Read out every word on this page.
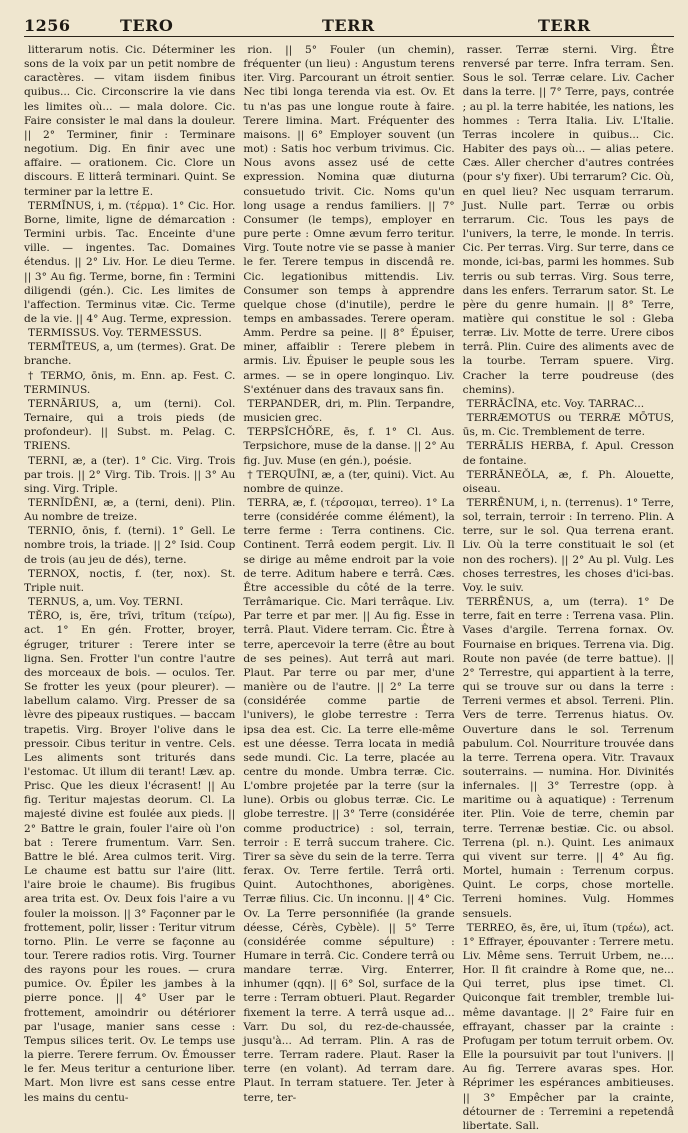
1256	TERO	TERR	TERR

litterarum notis. Cic. Déterminer les sons de la voix par un petit nombre de caractères. — vitam iisdem finibus quibus... Cic. Circonscrire la vie dans les limites où... — mala dolore. Cic. Faire consister le mal dans la douleur. || 2° Terminer, finir : Terminare negotium. Dig. En finir avec une affaire. — orationem. Cic. Clore un discours. E litterâ terminari. Quint. Se terminer par la lettre E.

TERMĬNUS, i, m. (τέρμα). 1° Cic. Hor. Borne, limite, ligne de démarcation : Termini urbis. Tac. Enceinte d'une ville. — ingentes. Tac. Domaines étendus. || 2° Liv. Hor. Le dieu Terme. || 3° Au fig. Terme, borne, fin : Termini diligendi (gén.). Cic. Les limites de l'affection. Terminus vitæ. Cic. Terme de la vie. || 4° Aug. Terme, expression.

TERMISSUS. Voy. TERMESSUS.

TERMĪTEUS, a, um (termes). Grat. De branche.

† TERMO, ōnis, m. Enn. ap. Fest. C. TERMINUS.

TERNĀRIUS, a, um (terni). Col. Ternaire, qui a trois pieds (de profondeur). || Subst. m. Pelag. C. TRIENS.

TERNI, æ, a (ter). 1° Cic. Virg. Trois par trois. || 2° Virg. Tib. Trois. || 3° Au sing. Virg. Triple.

TERNĬDĒNI, æ, a (terni, deni). Plin. Au nombre de treize.

TERNIO, ōnis, f. (terni). 1° Gell. Le nombre trois, la triade. || 2° Isid. Coup de trois (au jeu de dés), terne.

TERNOX, noctis, f. (ter, nox). St. Triple nuit.

TERNUS, a, um. Voy. TERNI.

TĔRO, is, ĕre, trīvi, trītum (τείρω), act. 1° En gén. Frotter, broyer, égruger, triturer : Terere inter se ligna. Sen. Frotter l'un contre l'autre des morceaux de bois. — oculos. Ter. Se frotter les yeux (pour pleurer). — labellum calamo. Virg. Presser de sa lèvre des pipeaux rustiques. — baccam trapetis. Virg. Broyer l'olive dans le pressoir. Cibus teritur in ventre. Cels. Les aliments sont triturés dans l'estomac. Ut illum dii terant! Læv. ap. Prisc. Que les dieux l'écrasent! || Au fig. Teritur majestas deorum. Cl. La majesté divine est foulée aux pieds. || 2° Battre le grain, fouler l'aire où l'on bat : Terere frumentum. Varr. Sen. Battre le blé. Area culmos terit. Virg. Le chaume est battu sur l'aire (litt. l'aire broie le chaume). Bis frugibus area trita est. Ov. Deux fois l'aire a vu fouler la moisson. || 3° Façonner par le frottement, polir, lisser : Teritur vitrum torno. Plin. Le verre se façonne au tour. Terere radios rotis. Virg. Tourner des rayons pour les roues. — crura pumice. Ov. Épiler les jambes à la pierre ponce. || 4° User par le frottement, amoindrir ou détériorer par l'usage, manier sans cesse : Tempus silices terit. Ov. Le temps use la pierre. Terere ferrum. Ov. Émousser le fer. Meus teritur a centurione liber. Mart. Mon livre est sans cesse entre les mains du centu-

rion. || 5° Fouler (un chemin), fréquenter (un lieu) : Angustum terens iter. Virg. Parcourant un étroit sentier. Nec tibi longa terenda via est. Ov. Et tu n'as pas une longue route à faire. Terere limina. Mart. Fréquenter des maisons. || 6° Employer souvent (un mot) : Satis hoc verbum trivimus. Cic. Nous avons assez usé de cette expression. Nomina quæ diuturna consuetudo trivit. Cic. Noms qu'un long usage a rendus familiers. || 7° Consumer (le temps), employer en pure perte : Omne ævum ferro teritur. Virg. Toute notre vie se passe à manier le fer. Terere tempus in discendâ re. Cic. legationibus mittendis. Liv. Consumer son temps à apprendre quelque chose (d'inutile), perdre le temps en ambassades. Terere operam. Amm. Perdre sa peine. || 8° Épuiser, miner, affaiblir : Terere plebem in armis. Liv. Épuiser le peuple sous les armes. — se in opere longinquo. Liv. S'exténuer dans des travaux sans fin.

TERPANDER, dri, m. Plin. Terpandre, musicien grec.

TERPSĬCHŎRE, ēs, f. 1° Cl. Aus. Terpsichore, muse de la danse. || 2° Au fig. Juv. Muse (en gén.), poésie.

† TERQUĪNI, æ, a (ter, quini). Vict. Au nombre de quinze.

TERRA, æ, f. (τέρσομαι, terreo). 1° La terre (considérée comme élément), la terre ferme : Terra continens. Cic. Continent. Terrâ eodem pergit. Liv. Il se dirige au même endroit par la voie de terre. Aditum habere e terrâ. Cæs. Être accessible du côté de la terre. Terrâmarique. Cic. Mari terrâque. Liv. Par terre et par mer. || Au fig. Esse in terrâ. Plaut. Videre terram. Cic. Être à terre, apercevoir la terre (être au bout de ses peines). Aut terrâ aut mari. Plaut. Par terre ou par mer, d'une manière ou de l'autre. || 2° La terre (considérée comme partie de l'univers), le globe terrestre : Terra ipsa dea est. Cic. La terre elle-même est une déesse. Terra locata in mediâ sede mundi. Cic. La terre, placée au centre du monde. Umbra terræ. Cic. L'ombre projetée par la terre (sur la lune). Orbis ou globus terræ. Cic. Le globe terrestre. || 3° Terre (considérée comme productrice) : sol, terrain, terroir : E terrâ succum trahere. Cic. Tirer sa sève du sein de la terre. Terra ferax. Ov. Terre fertile. Terrâ orti. Quint. Autochthones, aborigènes. Terræ filius. Cic. Un inconnu. || 4° Cic. Ov. La Terre personnifiée (la grande déesse, Cérès, Cybèle). || 5° Terre (considérée comme sépulture) : Humare in terrâ. Cic. Condere terrâ ou mandare terræ. Virg. Enterrer, inhumer (qqn). || 6° Sol, surface de la terre : Terram obtueri. Plaut. Regarder fixement la terre. A terrâ usque ad... Varr. Du sol, du rez-de-chaussée, jusqu'à... Ad terram. Plin. A ras de terre. Terram radere. Plaut. Raser la terre (en volant). Ad terram dare. Plaut. In terram statuere. Ter. Jeter à terre, ter-

rasser. Terræ sterni. Virg. Être renversé par terre. Infra terram. Sen. Sous le sol. Terræ celare. Liv. Cacher dans la terre. || 7° Terre, pays, contrée ; au pl. la terre habitée, les nations, les hommes : Terra Italia. Liv. L'Italie. Terras incolere in quibus... Cic. Habiter des pays où... — alias petere. Cæs. Aller chercher d'autres contrées (pour s'y fixer). Ubi terrarum? Cic. Où, en quel lieu? Nec usquam terrarum. Just. Nulle part. Terræ ou orbis terrarum. Cic. Tous les pays de l'univers, la terre, le monde. In terris. Cic. Per terras. Virg. Sur terre, dans ce monde, ici-bas, parmi les hommes. Sub terris ou sub terras. Virg. Sous terre, dans les enfers. Terrarum sator. St. Le père du genre humain. || 8° Terre, matière qui constitue le sol : Gleba terræ. Liv. Motte de terre. Urere cibos terrâ. Plin. Cuire des aliments avec de la tourbe. Terram spuere. Virg. Cracher la terre poudreuse (des chemins).

TERRĀCĪNA, etc. Voy. TARRAC...

TERRÆMOTUS ou TERRÆ MŌTUS, ūs, m. Cic. Tremblement de terre.

TERRĀLIS HERBA, f. Apul. Cresson de fontaine.

TERRĀNEŎLA, æ, f. Ph. Alouette, oiseau.

TERRĒNUM, i, n. (terrenus). 1° Terre, sol, terrain, terroir : In terreno. Plin. A terre, sur le sol. Qua terrena erant. Liv. Où la terre constituait le sol (et non des rochers). || 2° Au pl. Vulg. Les choses terrestres, les choses d'ici-bas. Voy. le suiv.

TERRĒNUS, a, um (terra). 1° De terre, fait en terre : Terrena vasa. Plin. Vases d'argile. Terrena fornax. Ov. Fournaise en briques. Terrena via. Dig. Route non pavée (de terre battue). || 2° Terrestre, qui appartient à la terre, qui se trouve sur ou dans la terre : Terreni vermes et absol. Terreni. Plin. Vers de terre. Terrenus hiatus. Ov. Ouverture dans le sol. Terrenum pabulum. Col. Nourriture trouvée dans la terre. Terrena opera. Vitr. Travaux souterrains. — numina. Hor. Divinités infernales. || 3° Terrestre (opp. à maritime ou à aquatique) : Terrenum iter. Plin. Voie de terre, chemin par terre. Terrenæ bestiæ. Cic. ou absol. Terrena (pl. n.). Quint. Les animaux qui vivent sur terre. || 4° Au fig. Mortel, humain : Terrenum corpus. Quint. Le corps, chose mortelle. Terreni homines. Vulg. Hommes sensuels.

TERREO, ēs, ēre, ui, ĭtum (τρέω), act. 1° Effrayer, épouvanter : Terrere metu. Liv. Même sens. Terruit Urbem, ne.... Hor. Il fit craindre à Rome que, ne... Qui terret, plus ipse timet. Cl. Quiconque fait trembler, tremble lui-même davantage. || 2° Faire fuir en effrayant, chasser par la crainte : Profugam per totum terruit orbem. Ov. Elle la poursuivit par tout l'univers. || Au fig. Terrere avaras spes. Hor. Réprimer les espérances ambitieuses. || 3° Empêcher par la crainte, détourner de : Terremini a repetendâ libertate. Sall.
